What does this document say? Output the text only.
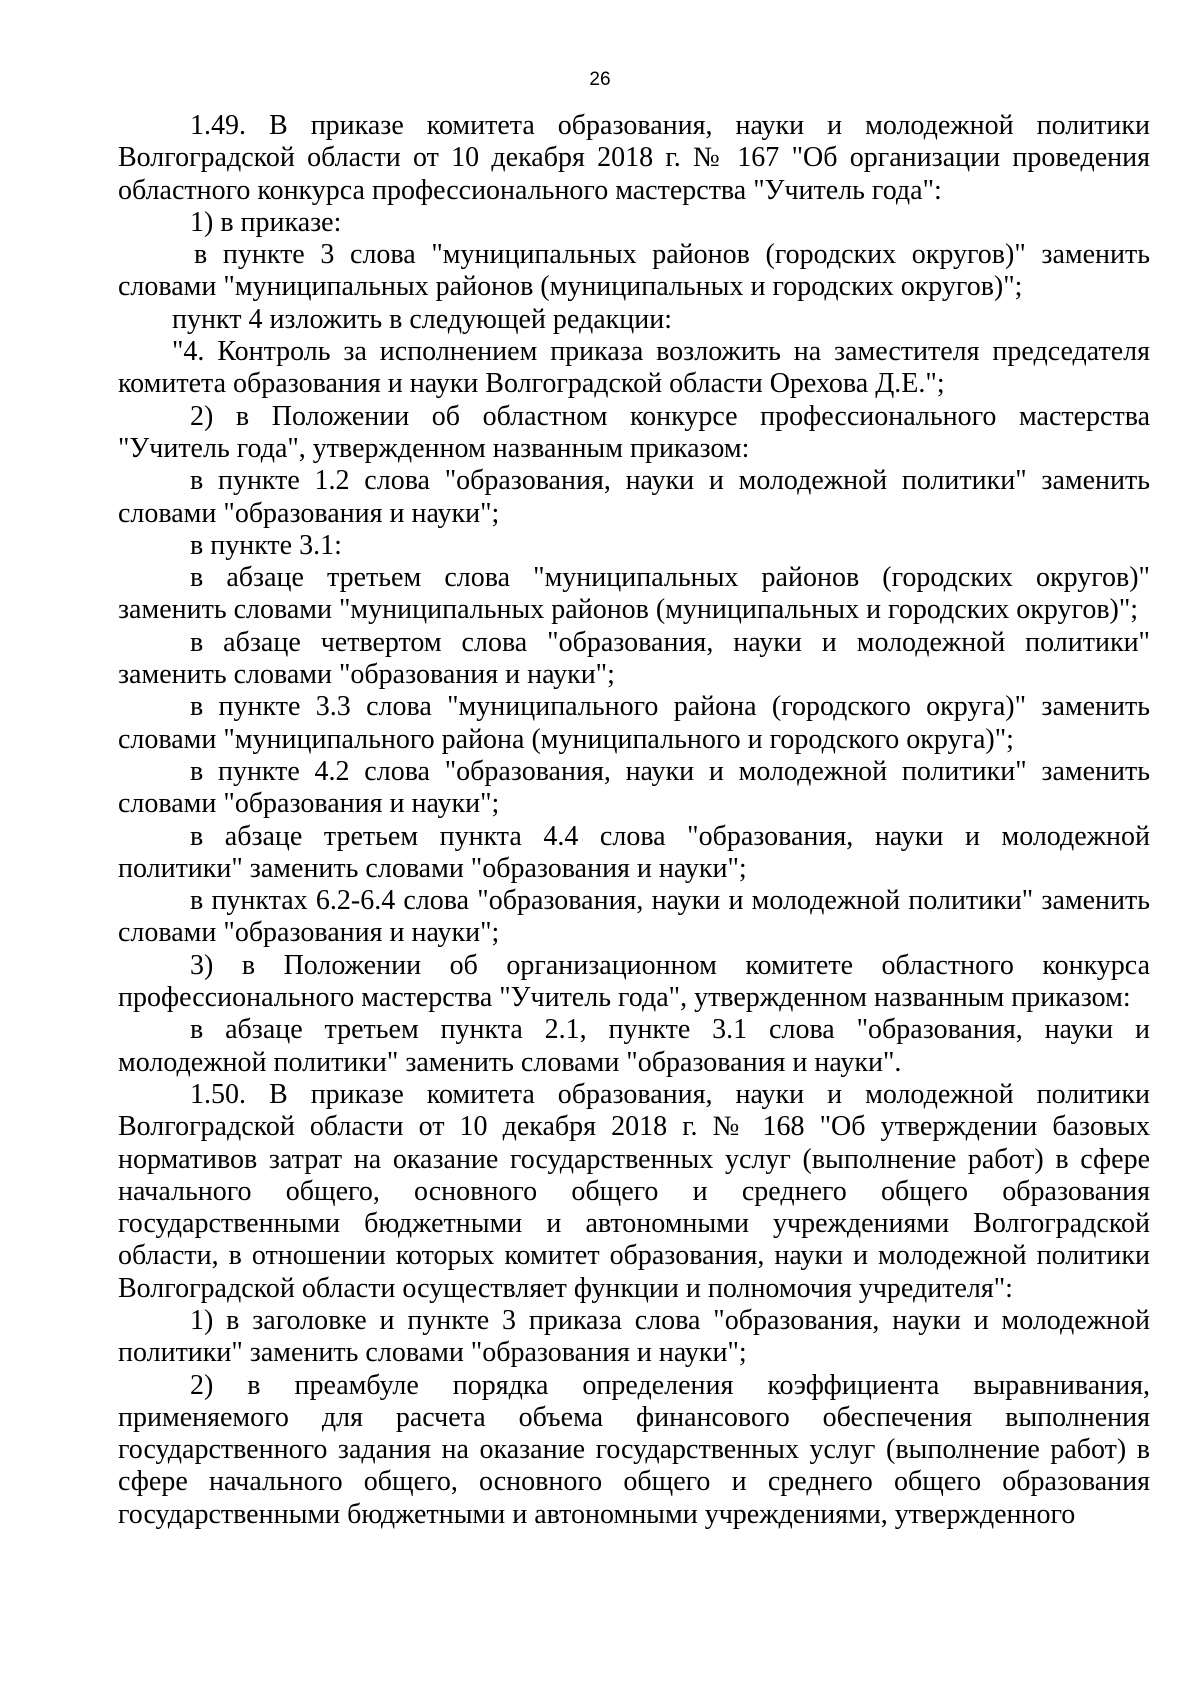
26

1.49. В приказе комитета образования, науки и молодежной политики Волгоградской области от 10 декабря 2018 г. № 167 "Об организации проведения областного конкурса профессионального мастерства "Учитель года":

1) в приказе:

в пункте 3 слова "муниципальных районов (городских округов)" заменить словами "муниципальных районов (муниципальных и городских округов)";

пункт 4 изложить в следующей редакции:

"4. Контроль за исполнением приказа возложить на заместителя председателя комитета образования и науки Волгоградской области Орехова Д.Е.";

2) в Положении об областном конкурсе профессионального мастерства "Учитель года", утвержденном названным приказом:

в пункте 1.2 слова "образования, науки и молодежной политики" заменить словами "образования и науки";

в пункте 3.1:

в абзаце третьем слова "муниципальных районов (городских округов)" заменить словами "муниципальных районов (муниципальных и городских округов)";

в абзаце четвертом слова "образования, науки и молодежной политики" заменить словами "образования и науки";

в пункте 3.3 слова "муниципального района (городского округа)" заменить словами "муниципального района (муниципального и городского округа)";

в пункте 4.2 слова "образования, науки и молодежной политики" заменить словами "образования и науки";

в абзаце третьем пункта 4.4 слова "образования, науки и молодежной политики" заменить словами "образования и науки";

в пунктах 6.2-6.4 слова "образования, науки и молодежной политики" заменить словами "образования и науки";

3) в Положении об организационном комитете областного конкурса профессионального мастерства "Учитель года", утвержденном названным приказом:

в абзаце третьем пункта 2.1, пункте 3.1 слова "образования, науки и молодежной политики" заменить словами "образования и науки".

1.50. В приказе комитета образования, науки и молодежной политики Волгоградской области от 10 декабря 2018 г. № 168 "Об утверждении базовых нормативов затрат на оказание государственных услуг (выполнение работ) в сфере начального общего, основного общего и среднего общего образования государственными бюджетными и автономными учреждениями Волгоградской области, в отношении которых комитет образования, науки и молодежной политики Волгоградской области осуществляет функции и полномочия учредителя":

1) в заголовке и пункте 3 приказа слова "образования, науки и молодежной политики" заменить словами "образования и науки";

2) в преамбуле порядка определения коэффициента выравнивания, применяемого для расчета объема финансового обеспечения выполнения государственного задания на оказание государственных услуг (выполнение работ) в сфере начального общего, основного общего и среднего общего образования государственными бюджетными и автономными учреждениями, утвержденного
